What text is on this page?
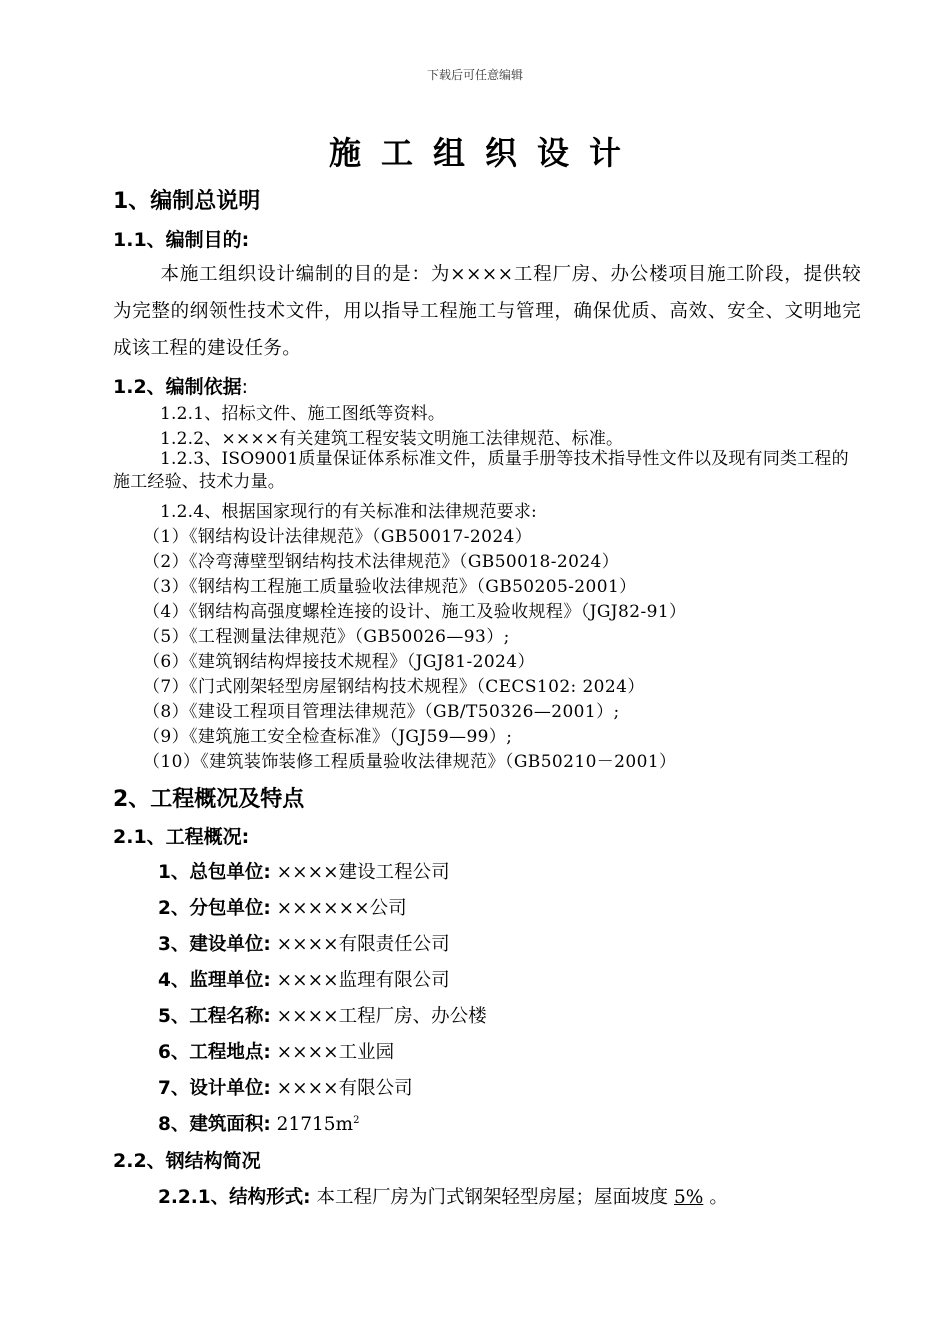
下载后可任意编辑
施工组织设计
1、编制总说明
1.1、编制目的:
本施工组织设计编制的目的是：为××××工程厂房、办公楼项目施工阶段，提供较为完整的纲领性技术文件，用以指导工程施工与管理，确保优质、高效、安全、文明地完成该工程的建设任务。
1.2、编制依据:
1.2.1、招标文件、施工图纸等资料。
1.2.2、××××有关建筑工程安装文明施工法律规范、标准。
1.2.3、ISO9001质量保证体系标准文件，质量手册等技术指导性文件以及现有同类工程的施工经验、技术力量。
1.2.4、根据国家现行的有关标准和法律规范要求:
（1）《钢结构设计法律规范》（GB50017-2024）
（2）《冷弯薄壁型钢结构技术法律规范》（GB50018-2024）
（3）《钢结构工程施工质量验收法律规范》（GB50205-2001）
（4）《钢结构高强度螺栓连接的设计、施工及验收规程》（JGJ82-91）
（5）《工程测量法律规范》（GB50026—93）;
（6）《建筑钢结构焊接技术规程》（JGJ81-2024）
（7）《门式刚架轻型房屋钢结构技术规程》（CECS102: 2024）
（8）《建设工程项目管理法律规范》（GB/T50326—2001）;
（9）《建筑施工安全检查标准》（JGJ59—99）;
（10）《建筑装饰装修工程质量验收法律规范》（GB50210－2001）
2、工程概况及特点
2.1、工程概况:
1、总包单位: ××××建设工程公司
2、分包单位: ××××××公司
3、建设单位: ××××有限责任公司
4、监理单位: ××××监理有限公司
5、工程名称: ××××工程厂房、办公楼
6、工程地点: ××××工业园
7、设计单位: ××××有限公司
8、建筑面积: $21715m^2$
2.2、钢结构简况
2.2.1、结构形式: 本工程厂房为门式钢架轻型房屋；屋面坡度 5% 。
